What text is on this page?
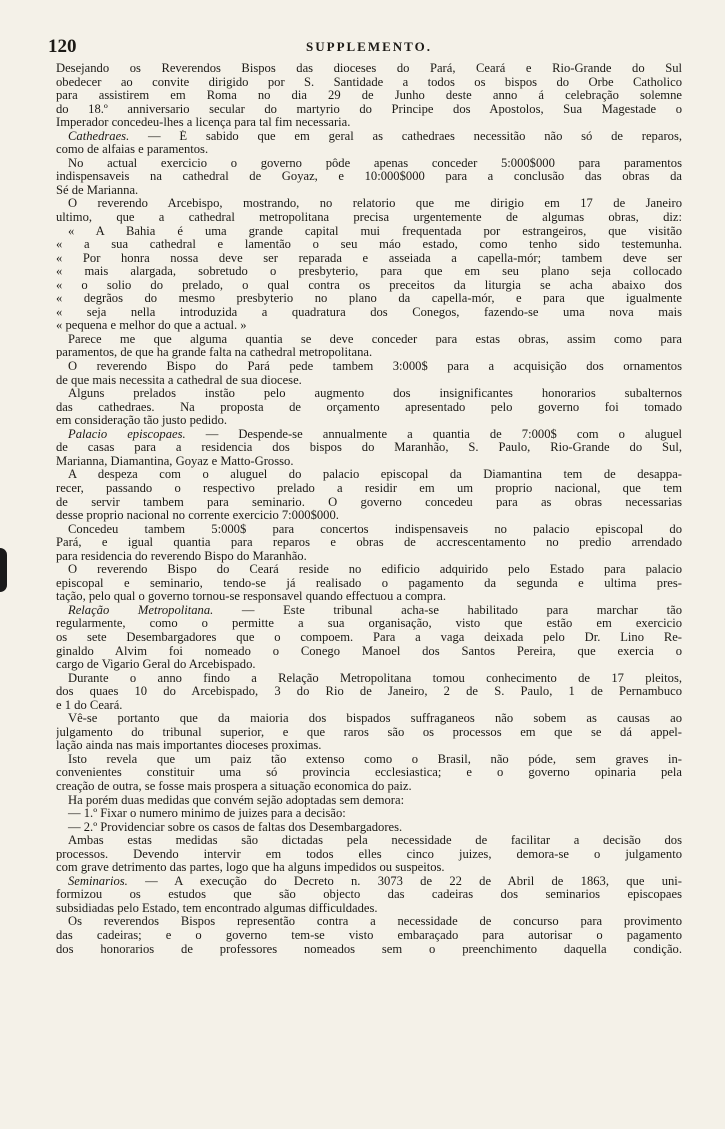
120	SUPPLEMENTO.
Desejando os Reverendos Bispos das dioceses do Pará, Ceará e Rio-Grande do Sul
obedecer ao convite dirigido por S. Santidade a todos os bispos do Orbe Catholico
para assistirem em Roma no dia 29 de Junho deste anno á celebração solemne
do 18.º anniversario secular do martyrio do Principe dos Apostolos, Sua Magestade o
Imperador concedeu-lhes a licença para tal fim necessaria.
Cathedraes. — É sabido que em geral as cathedraes necessitão não só de reparos,
como de alfaias e paramentos.
No actual exercicio o governo pôde apenas conceder 5:000$000 para paramentos
indispensaveis na cathedral de Goyaz, e 10:000$000 para a conclusão das obras da
Sé de Marianna.
O reverendo Arcebispo, mostrando, no relatorio que me dirigio em 17 de Janeiro
ultimo, que a cathedral metropolitana precisa urgentemente de algumas obras, diz:
« A Bahia é uma grande capital mui frequentada por estrangeiros, que visitão
« a sua cathedral e lamentão o seu máo estado, como tenho sido testemunha.
« Por honra nossa deve ser reparada e asseiada a capella-mór; tambem deve ser
« mais alargada, sobretudo o presbyterio, para que em seu plano seja collocado
« o solio do prelado, o qual contra os preceitos da liturgia se acha abaixo dos
« degrãos do mesmo presbyterio no plano da capella-mór, e para que igualmente
« seja nella introduzida a quadratura dos Conegos, fazendo-se uma nova mais
« pequena e melhor do que a actual. »
Parece me que alguma quantia se deve conceder para estas obras, assim como para
paramentos, de que ha grande falta na cathedral metropolitana.
O reverendo Bispo do Pará pede tambem 3:000$ para a acquisição dos ornamentos
de que mais necessita a cathedral de sua diocese.
Alguns prelados instão pelo augmento dos insignificantes honorarios subalternos
das cathedraes. Na proposta de orçamento apresentado pelo governo foi tomado
em consideração tão justo pedido.
Palacio episcopaes. — Despende-se annualmente a quantia de 7:000$ com o aluguel
de casas para a residencia dos bispos do Maranhão, S. Paulo, Rio-Grande do Sul,
Marianna, Diamantina, Goyaz e Matto-Grosso.
A despeza com o aluguel do palacio episcopal da Diamantina tem de desappa-
recer, passando o respectivo prelado a residir em um proprio nacional, que tem
de servir tambem para seminario. O governo concedeu para as obras necessarias
desse proprio nacional no corrente exercicio 7:000$000.
Concedeu tambem 5:000$ para concertos indispensaveis no palacio episcopal do
Pará, e igual quantia para reparos e obras de accrescentamento no predio arrendado
para residencia do reverendo Bispo do Maranhão.
O reverendo Bispo do Ceará reside no edificio adquirido pelo Estado para palacio
episcopal e seminario, tendo-se já realisado o pagamento da segunda e ultima pres-
tação, pelo qual o governo tornou-se responsavel quando effectuou a compra.
Relação Metropolitana. — Este tribunal acha-se habilitado para marchar tão
regularmente, como o permitte a sua organisação, visto que estão em exercicio
os sete Desembargadores que o compoem. Para a vaga deixada pelo Dr. Lino Re-
ginaldo Alvim foi nomeado o Conego Manoel dos Santos Pereira, que exercia o
cargo de Vigario Geral do Arcebispado.
Durante o anno findo a Relação Metropolitana tomou conhecimento de 17 pleitos,
dos quaes 10 do Arcebispado, 3 do Rio de Janeiro, 2 de S. Paulo, 1 de Pernambuco
e 1 do Ceará.
Vê-se portanto que da maioria dos bispados suffraganeos não sobem as causas ao
julgamento do tribunal superior, e que raros são os processos em que se dá appel-
lação ainda nas mais importantes dioceses proximas.
Isto revela que um paiz tão extenso como o Brasil, não póde, sem graves in-
convenientes constituir uma só provincia ecclesiastica; e o governo opinaria pela
creação de outra, se fosse mais prospera a situação economica do paiz.
Ha porém duas medidas que convém sejão adoptadas sem demora:
— 1.º Fixar o numero minimo de juizes para a decisão:
— 2.º Providenciar sobre os casos de faltas dos Desembargadores.
Ambas estas medidas são dictadas pela necessidade de facilitar a decisão dos
processos. Devendo intervir em todos elles cinco juizes, demora-se o julgamento
com grave detrimento das partes, logo que ha alguns impedidos ou suspeitos.
Seminarios. — A execução do Decreto n. 3073 de 22 de Abril de 1863, que uni-
formizou os estudos que são objecto das cadeiras dos seminarios episcopaes
subsidiadas pelo Estado, tem encontrado algumas difficuldades.
Os reverendos Bispos representão contra a necessidade de concurso para provimento
das cadeiras; e o governo tem-se visto embaraçado para autorisar o pagamento
dos honorarios de professores nomeados sem o preenchimento daquella condição.
